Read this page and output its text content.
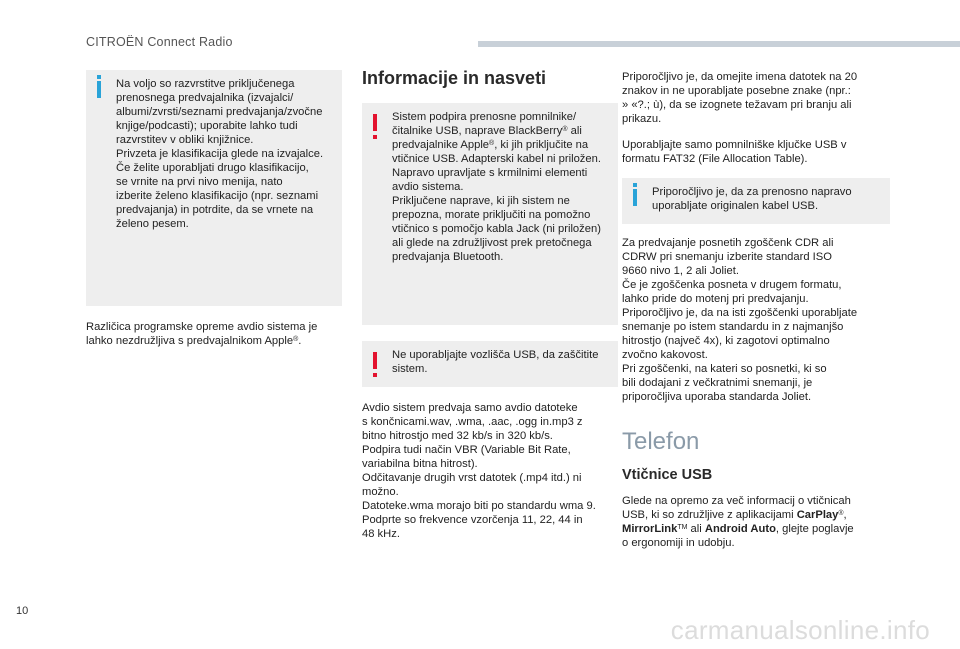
CITROËN Connect Radio

Na voljo so razvrstitve priključenega
prenosnega predvajalnika (izvajalci/
albumi/zvrsti/seznami predvajanja/zvočne
knjige/podcasti); uporabite lahko tudi
razvrstitev v obliki knjižnice.
Privzeta je klasifikacija glede na izvajalce.
Če želite uporabljati drugo klasifikacijo,
se vrnite na prvi nivo menija, nato
izberite želeno klasifikacijo (npr. seznami
predvajanja) in potrdite, da se vrnete na
želeno pesem.

Različica programske opreme avdio sistema je
lahko nezdružljiva s predvajalnikom Apple®.

Informacije in nasveti

Sistem podpira prenosne pomnilnike/
čitalnike USB, naprave BlackBerry® ali
predvajalnike Apple®, ki jih priključite na
vtičnice USB. Adapterski kabel ni priložen.
Napravo upravljate s krmilnimi elementi
avdio sistema.
Priključene naprave, ki jih sistem ne
prepozna, morate priključiti na pomožno
vtičnico s pomočjo kabla Jack (ni priložen)
ali glede na združljivost prek pretočnega
predvajanja Bluetooth.

Ne uporabljajte vozlišča USB, da zaščitite
sistem.

Avdio sistem predvaja samo avdio datoteke
s končnicami.wav, .wma, .aac, .ogg in.mp3 z
bitno hitrostjo med 32 kb/s in 320 kb/s.
Podpira tudi način VBR (Variable Bit Rate,
variabilna bitna hitrost).
Odčitavanje drugih vrst datotek (.mp4 itd.) ni
možno.
Datoteke.wma morajo biti po standardu wma 9.
Podprte so frekvence vzorčenja 11, 22, 44 in
48 kHz.

Priporočljivo je, da omejite imena datotek na 20
znakov in ne uporabljate posebne znake (npr.:
» «?.; ù), da se izognete težavam pri branju ali
prikazu.

Uporabljajte samo pomnilniške ključke USB v
formatu FAT32 (File Allocation Table).

Priporočljivo je, da za prenosno napravo
uporabljate originalen kabel USB.

Za predvajanje posnetih zgoščenk CDR ali
CDRW pri snemanju izberite standard ISO
9660 nivo 1, 2 ali Joliet.
Če je zgoščenka posneta v drugem formatu,
lahko pride do motenj pri predvajanju.
Priporočljivo je, da na isti zgoščenki uporabljate
snemanje po istem standardu in z najmanjšo
hitrostjo (največ 4x), ki zagotovi optimalno
zvočno kakovost.
Pri zgoščenki, na kateri so posnetki, ki so
bili dodajani z večkratnimi snemanji, je
priporočljiva uporaba standarda Joliet.

Telefon
Vtičnice USB

Glede na opremo za več informacij o vtičnicah
USB, ki so združljive z aplikacijami CarPlay®,
MirrorLink™ ali Android Auto, glejte poglavje
o ergonomiji in udobju.

10
carmanualsonline.info
